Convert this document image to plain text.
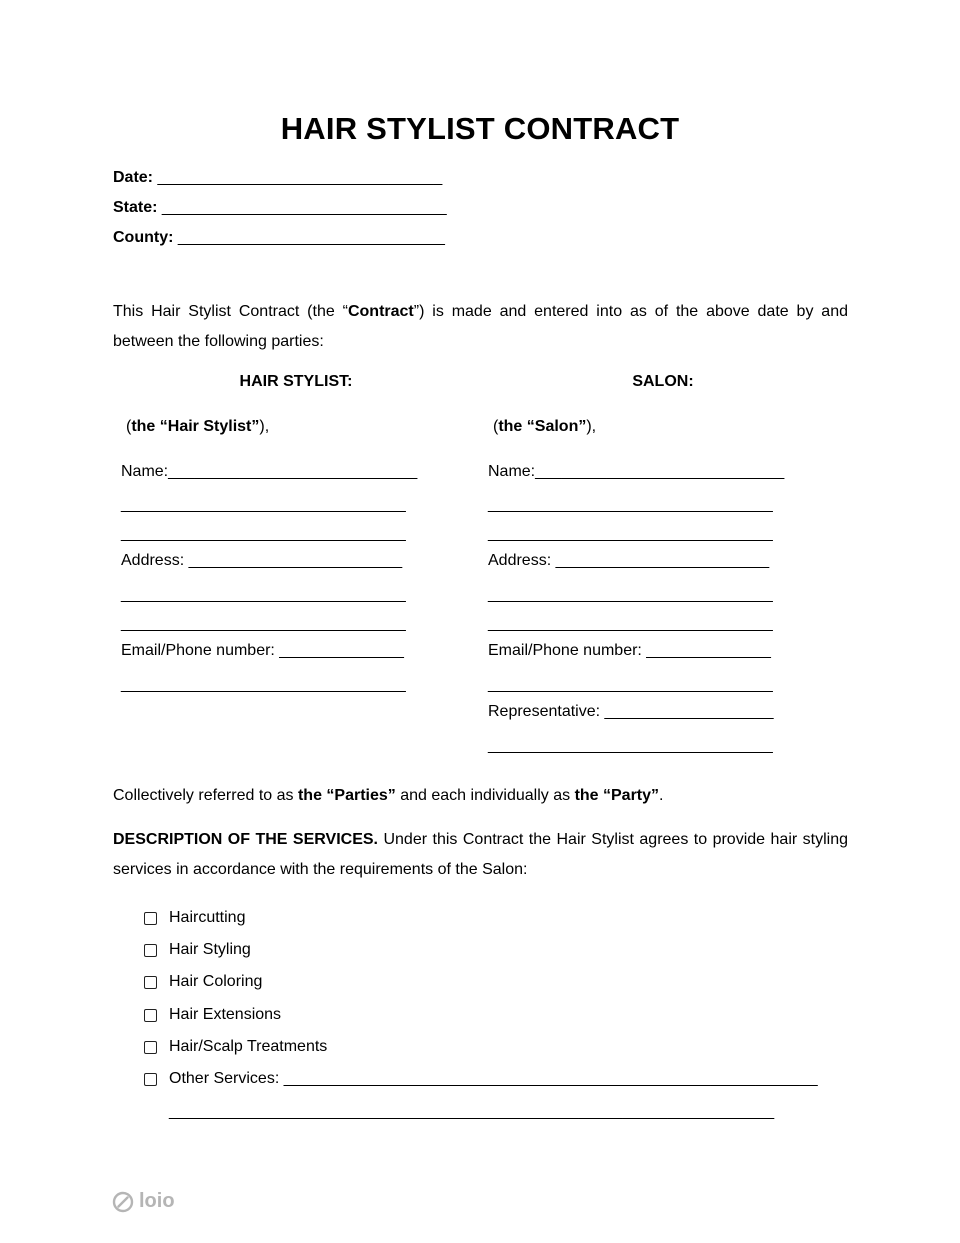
HAIR STYLIST CONTRACT
Date: ________________________________
State: ________________________________
County: ______________________________
This Hair Stylist Contract (the “Contract”) is made and entered into as of the above date by and between the following parties:
HAIR STYLIST:
(the “Hair Stylist”),
Name:____________________________
________________________________
________________________________
Address: ________________________
________________________________
________________________________
Email/Phone number: ______________
________________________________
SALON:
(the “Salon”),
Name:____________________________
________________________________
________________________________
Address: ________________________
________________________________
________________________________
Email/Phone number: ______________
________________________________
Representative: ___________________
________________________________
Collectively referred to as the “Parties” and each individually as the “Party”.
DESCRIPTION OF THE SERVICES. Under this Contract the Hair Stylist agrees to provide hair styling services in accordance with the requirements of the Salon:
Haircutting
Hair Styling
Hair Coloring
Hair Extensions
Hair/Scalp Treatments
Other Services: ____________________________________________________________
____________________________________________________________________
loio
